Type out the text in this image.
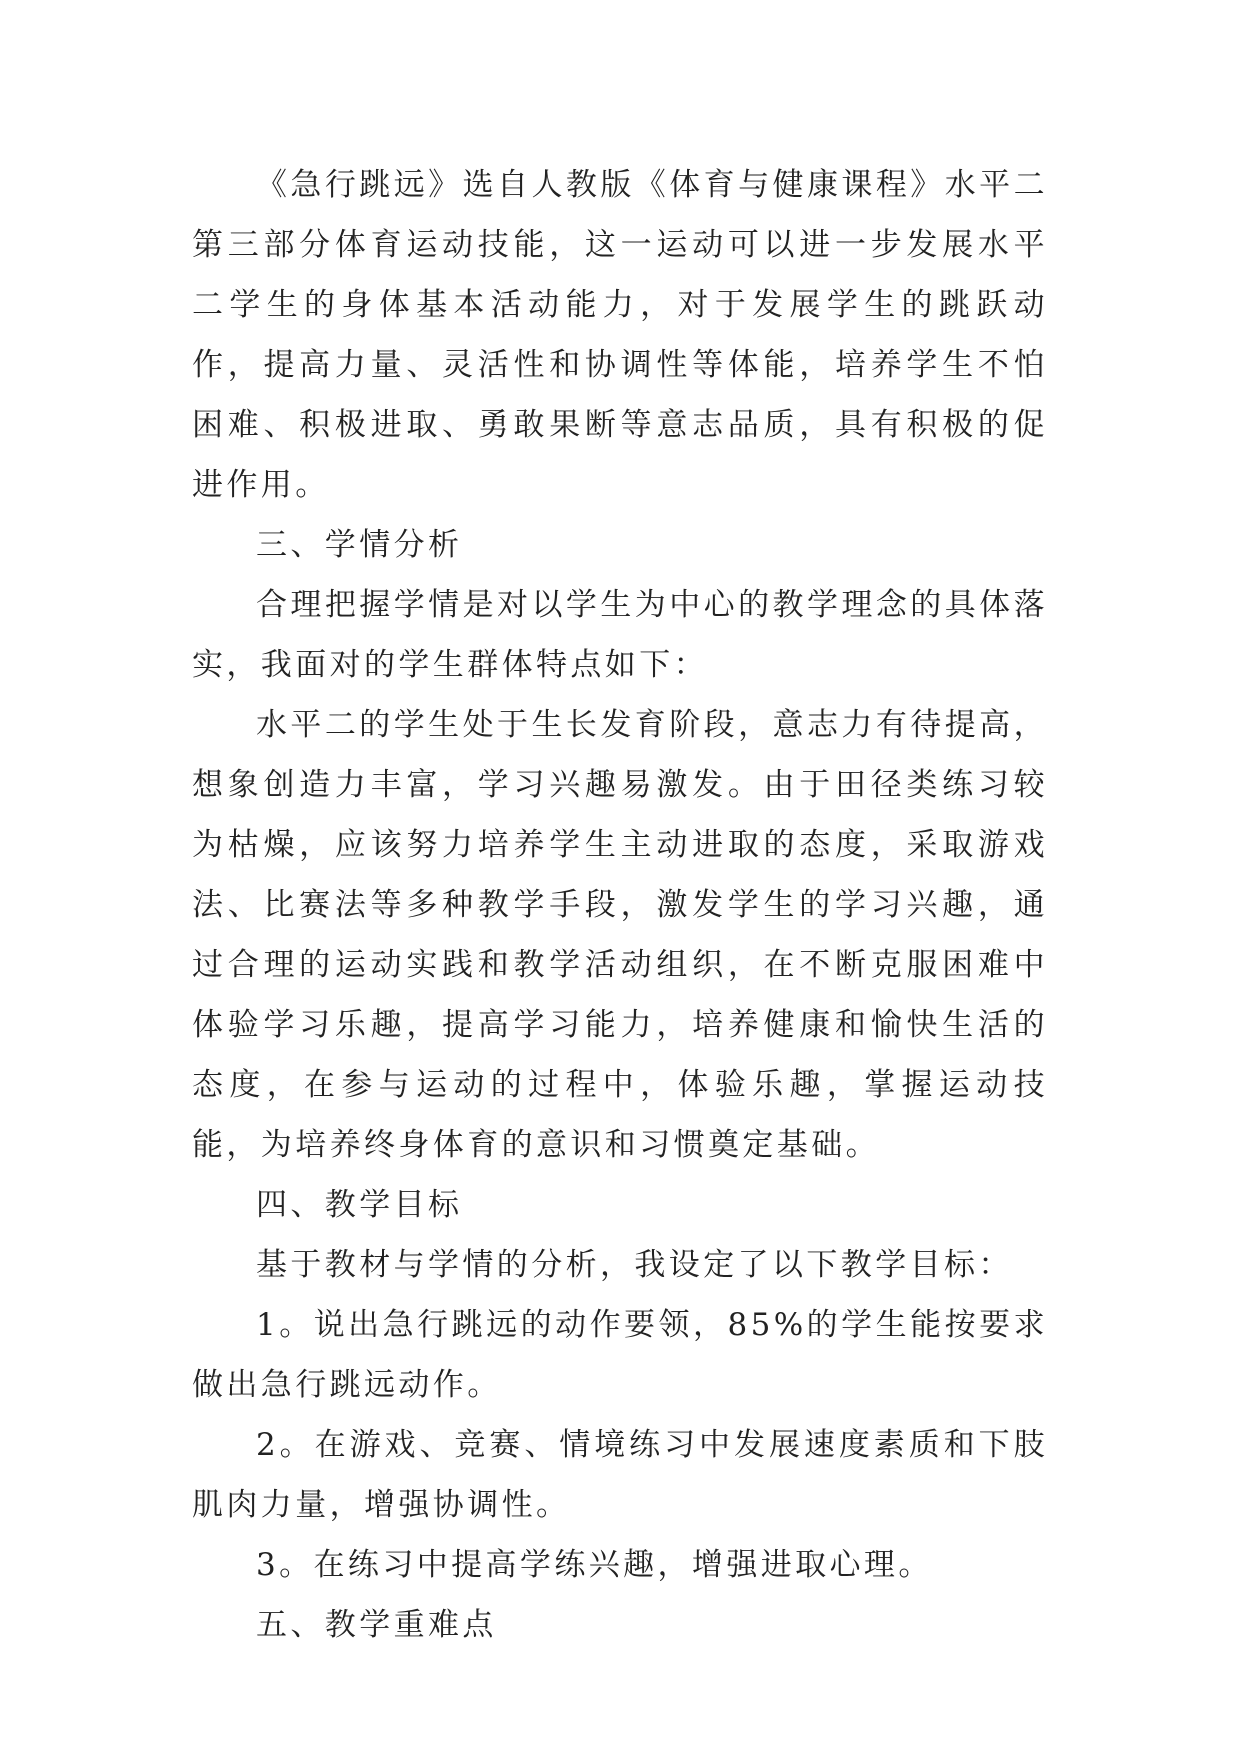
《急行跳远》选自人教版《体育与健康课程》水平二第三部分体育运动技能，这一运动可以进一步发展水平二学生的身体基本活动能力，对于发展学生的跳跃动作，提高力量、灵活性和协调性等体能，培养学生不怕困难、积极进取、勇敢果断等意志品质，具有积极的促进作用。

三、学情分析

合理把握学情是对以学生为中心的教学理念的具体落实，我面对的学生群体特点如下：

水平二的学生处于生长发育阶段，意志力有待提高，想象创造力丰富，学习兴趣易激发。由于田径类练习较为枯燥，应该努力培养学生主动进取的态度，采取游戏法、比赛法等多种教学手段，激发学生的学习兴趣，通过合理的运动实践和教学活动组织，在不断克服困难中体验学习乐趣，提高学习能力，培养健康和愉快生活的态度，在参与运动的过程中，体验乐趣，掌握运动技能，为培养终身体育的意识和习惯奠定基础。

四、教学目标

基于教材与学情的分析，我设定了以下教学目标：

1。说出急行跳远的动作要领，85%的学生能按要求做出急行跳远动作。

2。在游戏、竞赛、情境练习中发展速度素质和下肢肌肉力量，增强协调性。

3。在练习中提高学练兴趣，增强进取心理。

五、教学重难点
